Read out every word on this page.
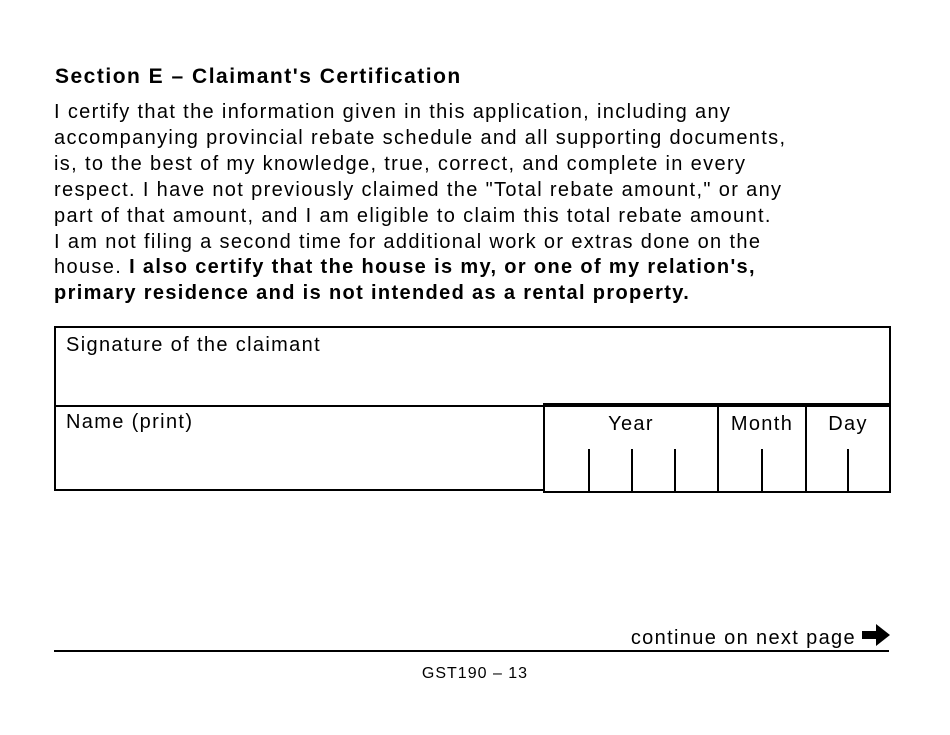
Section E – Claimant's Certification

I certify that the information given in this application, including any
accompanying provincial rebate schedule and all supporting documents,
is, to the best of my knowledge, true, correct, and complete in every
respect. I have not previously claimed the "Total rebate amount," or any
part of that amount, and I am eligible to claim this total rebate amount.
I am not filing a second time for additional work or extras done on the
house. I also certify that the house is my, or one of my relation's,
primary residence and is not intended as a rental property.

Signature of the claimant
Name (print)	Year	Month	Day
continue on next page
GST190 – 13
